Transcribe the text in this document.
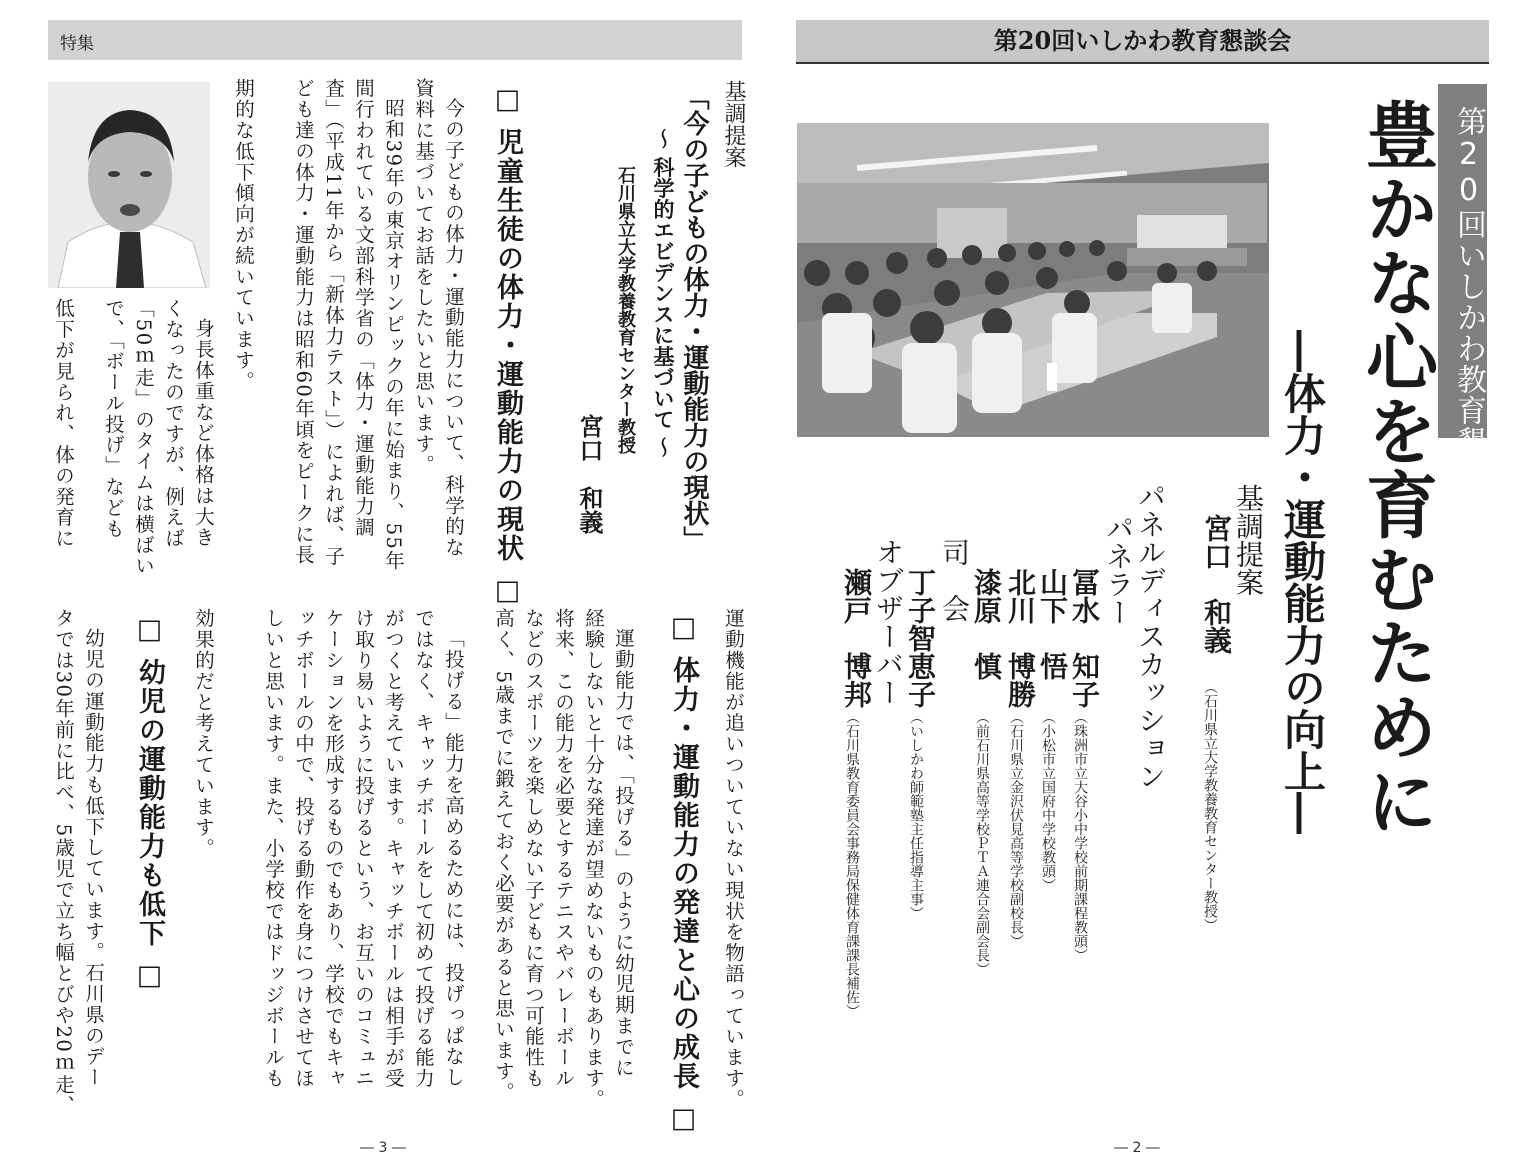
特集	第20回いしかわ教育懇談会
第20回いしかわ教育懇談会
豊かな心を育むために
―体力・運動能力の向上―
基調提案
宮口　和義
（石川県立大学教養教育センター教授）
パネルディスカッション
パネラー
冨水　知子
（珠洲市立大谷小中学校前期課程教頭）
山下　悟
（小松市立国府中学校教頭）
北川　博勝
（石川県立金沢伏見高等学校副校長）
漆原　慎
（前石川県高等学校ＰＴＡ連合会副会長）
司　会
丁子智恵子
（いしかわ師範塾主任指導主事）
オブザーバー
瀬戸　博邦
（石川県教育委員会事務局保健体育課課長補佐）
基調提案
「今の子どもの体力・運動能力の現状」
～ 科学的エビデンスに基づいて ～
石川県立大学教養教育センター教授
宮口　和義
□ 児童生徒の体力・運動能力の現状 □
今の子どもの体力・運動能力について、科学的な
資料に基づいてお話をしたいと思います。
昭和39年の東京オリンピックの年に始まり、55年
間行われている文部科学省の「体力・運動能力調
査」（平成11年から「新体力テスト」）によれば、子
ども達の体力・運動能力は昭和60年頃をピークに長
期的な低下傾向が続いています。
身長体重など体格は大き
くなったのですが、例えば
「50ｍ走」のタイムは横ばい
で、「ボール投げ」なども
低下が見られ、体の発育に
運動機能が追いついていない現状を物語っています。
□ 体力・運動能力の発達と心の成長 □
運動能力では、「投げる」のように幼児期までに
経験しないと十分な発達が望めないものもあります。
将来、この能力を必要とするテニスやバレーボール
などのスポーツを楽しめない子どもに育つ可能性も
高く、5歳までに鍛えておく必要があると思います。
「投げる」能力を高めるためには、投げっぱなし
ではなく、キャッチボールをして初めて投げる能力
がつくと考えています。キャッチボールは相手が受
け取り易いように投げるという、お互いのコミュニ
ケーションを形成するものでもあり、学校でもキャ
ッチボールの中で、投げる動作を身につけさせてほ
しいと思います。また、小学校ではドッジボールも
効果的だと考えています。
□ 幼児の運動能力も低下 □
幼児の運動能力も低下しています。石川県のデー
タでは30年前に比べ、5歳児で立ち幅とびや20ｍ走、
― 3 ―	― 2 ―
